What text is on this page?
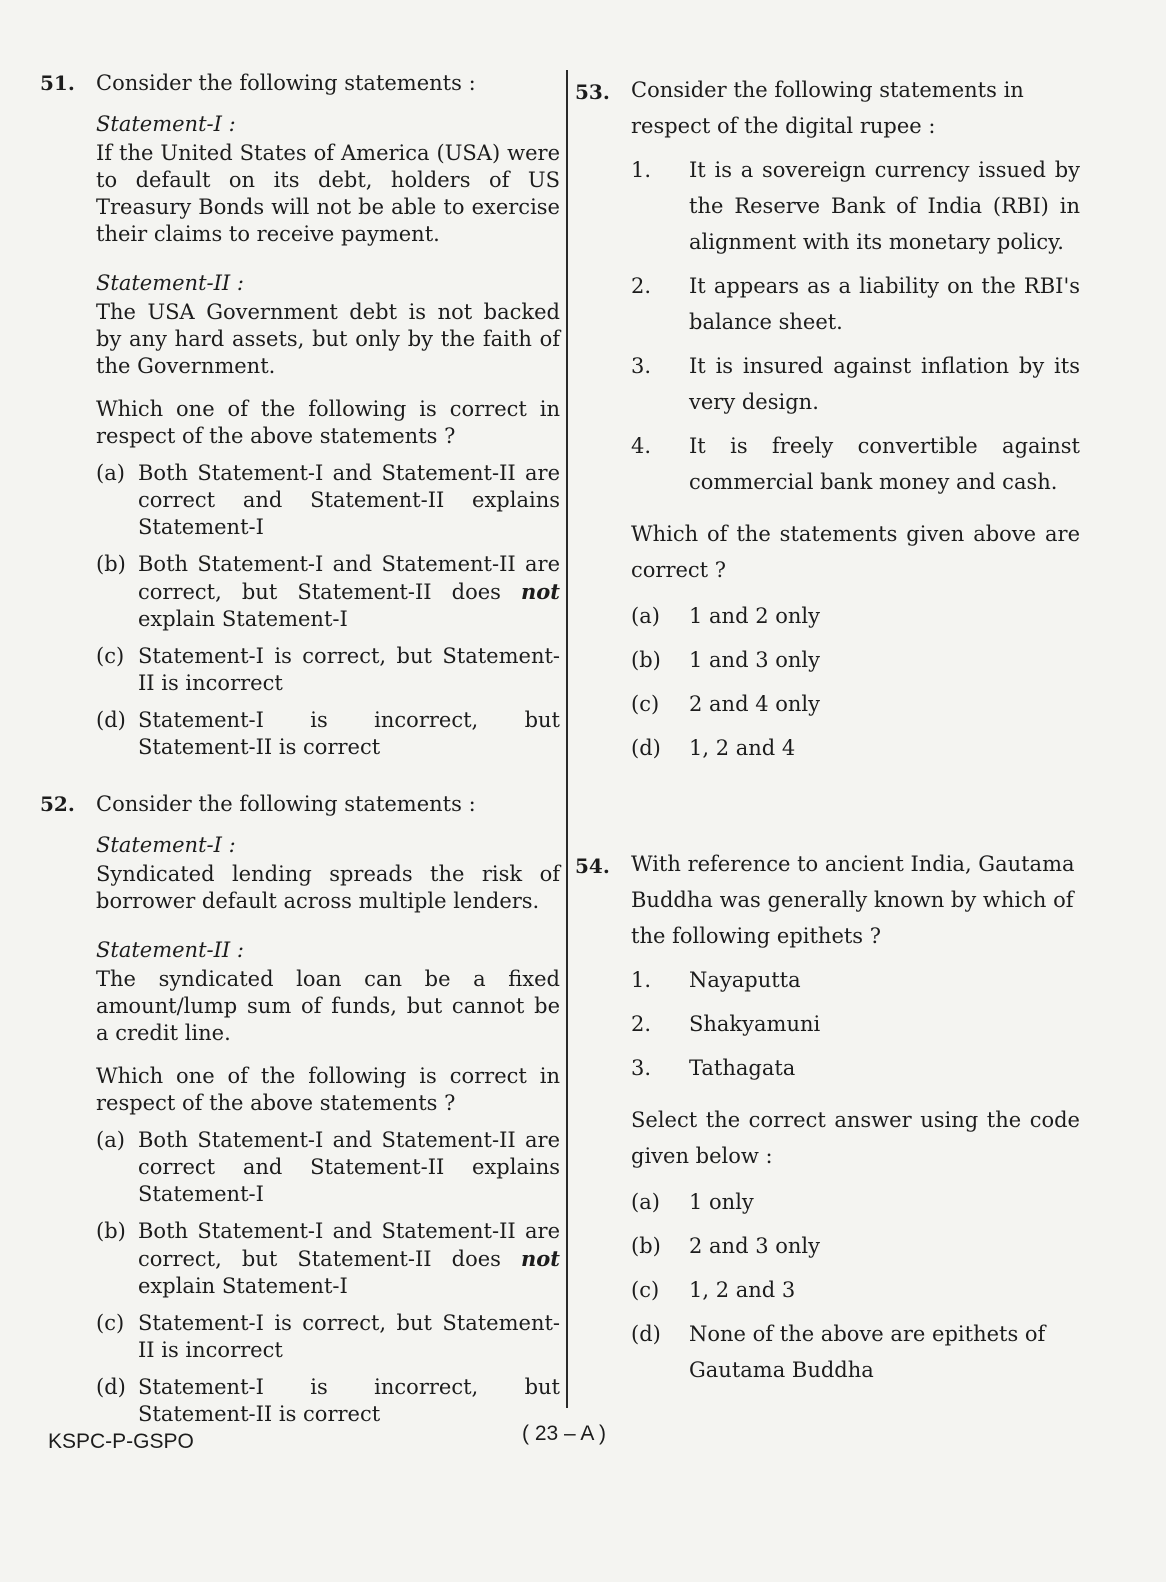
51. Consider the following statements :

Statement-I :

If the United States of America (USA) were to default on its debt, holders of US Treasury Bonds will not be able to exercise their claims to receive payment.

Statement-II :

The USA Government debt is not backed by any hard assets, but only by the faith of the Government.

Which one of the following is correct in respect of the above statements ?

(a) Both Statement-I and Statement-II are correct and Statement-II explains Statement-I
(b) Both Statement-I and Statement-II are correct, but Statement-II does not explain Statement-I
(c) Statement-I is correct, but Statement-II is incorrect
(d) Statement-I is incorrect, but Statement-II is correct
52. Consider the following statements :

Statement-I :

Syndicated lending spreads the risk of borrower default across multiple lenders.

Statement-II :

The syndicated loan can be a fixed amount/lump sum of funds, but cannot be a credit line.

Which one of the following is correct in respect of the above statements ?

(a) Both Statement-I and Statement-II are correct and Statement-II explains Statement-I
(b) Both Statement-I and Statement-II are correct, but Statement-II does not explain Statement-I
(c) Statement-I is correct, but Statement-II is incorrect
(d) Statement-I is incorrect, but Statement-II is correct
53. Consider the following statements in respect of the digital rupee :

1. It is a sovereign currency issued by the Reserve Bank of India (RBI) in alignment with its monetary policy.
2. It appears as a liability on the RBI's balance sheet.
3. It is insured against inflation by its very design.
4. It is freely convertible against commercial bank money and cash.

Which of the statements given above are correct ?

(a) 1 and 2 only
(b) 1 and 3 only
(c) 2 and 4 only
(d) 1, 2 and 4
54. With reference to ancient India, Gautama Buddha was generally known by which of the following epithets ?

1. Nayaputta
2. Shakyamuni
3. Tathagata

Select the correct answer using the code given below :

(a) 1 only
(b) 2 and 3 only
(c) 1, 2 and 3
(d) None of the above are epithets of Gautama Buddha
KSPC-P-GSPO	( 23 – A )
